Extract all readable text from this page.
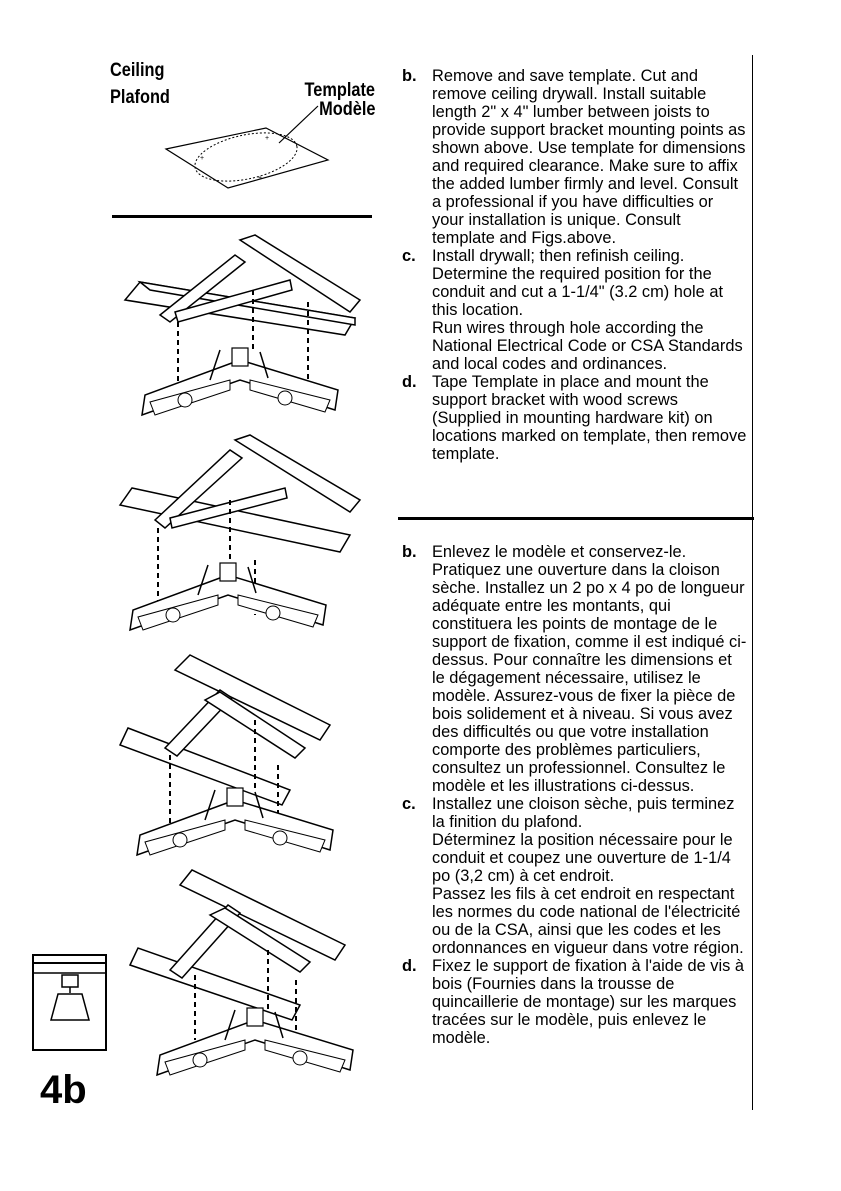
Ceiling
Plafond	Template
Modèle
+
+
+
4b
b. Remove and save template. Cut and remove ceiling drywall. Install suitable length 2" x 4" lumber between joists to provide support bracket mounting points as shown above. Use template for dimensions and required clearance. Make sure to affix the added lumber firmly and level. Consult a professional if you have difficulties or your installation is unique. Consult template and Figs.above.

c. Install drywall; then refinish ceiling. Determine the required position for the conduit and cut a 1-1/4" (3.2 cm) hole at this location.

Run wires through hole according the National Electrical Code or CSA Standards and local codes and ordinances.

d. Tape Template in place and mount the support bracket with wood screws (Supplied in mounting hardware kit) on locations marked on template, then remove template.

b. Enlevez le modèle et conservez-le. Pratiquez une ouverture dans la cloison sèche. Installez un 2 po x 4 po de longueur adéquate entre les montants, qui constituera les points de montage de le support de fixation, comme il est indiqué ci-dessus. Pour connaître les dimensions et le dégagement nécessaire, utilisez le modèle. Assurez-vous de fixer la pièce de bois solidement et à niveau. Si vous avez des difficultés ou que votre installation comporte des problèmes particuliers, consultez un professionnel. Consultez le modèle et les illustrations ci-dessus.

c. Installez une cloison sèche, puis terminez la finition du plafond.

Déterminez la position nécessaire pour le conduit et coupez une ouverture de 1-1/4 po (3,2 cm) à cet endroit.

Passez les fils à cet endroit en respectant les normes du code national de l'électricité ou de la CSA, ainsi que les codes et les ordonnances en vigueur dans votre région.

d. Fixez le support de fixation à l'aide de vis à bois (Fournies dans la trousse de quincaillerie de montage) sur les marques tracées sur le modèle, puis enlevez le modèle.
